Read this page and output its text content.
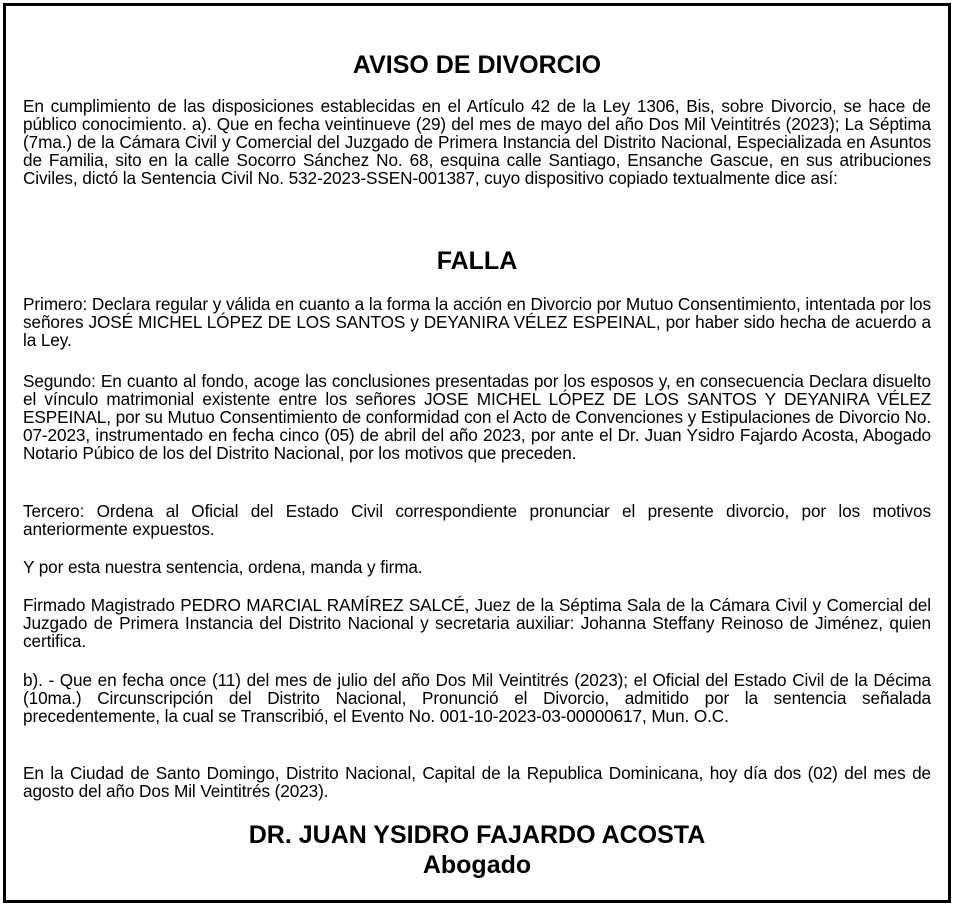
AVISO DE DIVORCIO

En cumplimiento de las disposiciones establecidas en el Artículo 42 de la Ley 1306, Bis, sobre Divorcio, se hace de público conocimiento. a). Que en fecha veintinueve (29) del mes de mayo del año Dos Mil Veintitrés (2023); La Séptima (7ma.) de la Cámara Civil y Comercial del Juzgado de Primera Instancia del Distrito Nacional, Especializada en Asuntos de Familia, sito en la calle Socorro Sánchez No. 68, esquina calle Santiago, Ensanche Gascue, en sus atribuciones Civiles, dictó la Sentencia Civil No. 532-2023-SSEN-001387, cuyo dispositivo copiado textualmente dice así:

FALLA

Primero: Declara regular y válida en cuanto a la forma la acción en Divorcio por Mutuo Consentimiento, intentada por los señores JOSÉ MICHEL LÓPEZ DE LOS SANTOS y DEYANIRA VÉLEZ ESPEINAL, por haber sido hecha de acuerdo a la Ley.

Segundo: En cuanto al fondo, acoge las conclusiones presentadas por los esposos y, en consecuencia Declara disuelto el vínculo matrimonial existente entre los señores JOSE MICHEL LÓPEZ DE LOS SANTOS Y DEYANIRA VÉLEZ ESPEINAL, por su Mutuo Consentimiento de conformidad con el Acto de Convenciones y Estipulaciones de Divorcio No. 07-2023, instrumentado en fecha cinco (05) de abril del año 2023, por ante el Dr. Juan Ysidro Fajardo Acosta, Abogado Notario Púbico de los del Distrito Nacional, por los motivos que preceden.

Tercero: Ordena al Oficial del Estado Civil correspondiente pronunciar el presente divorcio, por los motivos anteriormente expuestos.

Y por esta nuestra sentencia, ordena, manda y firma.

Firmado Magistrado PEDRO MARCIAL RAMÍREZ SALCÉ, Juez de la Séptima Sala de la Cámara Civil y Comercial del Juzgado de Primera Instancia del Distrito Nacional y secretaria auxiliar: Johanna Steffany Reinoso de Jiménez, quien certifica.

b). - Que en fecha once (11) del mes de julio del año Dos Mil Veintitrés (2023); el Oficial del Estado Civil de la Décima (10ma.) Circunscripción del Distrito Nacional, Pronunció el Divorcio, admitido por la sentencia señalada precedentemente, la cual se Transcribió, el Evento No. 001-10-2023-03-00000617, Mun. O.C.

En la Ciudad de Santo Domingo, Distrito Nacional, Capital de la Republica Dominicana, hoy día dos (02) del mes de agosto del año Dos Mil Veintitrés (2023).

DR. JUAN YSIDRO FAJARDO ACOSTA
Abogado
